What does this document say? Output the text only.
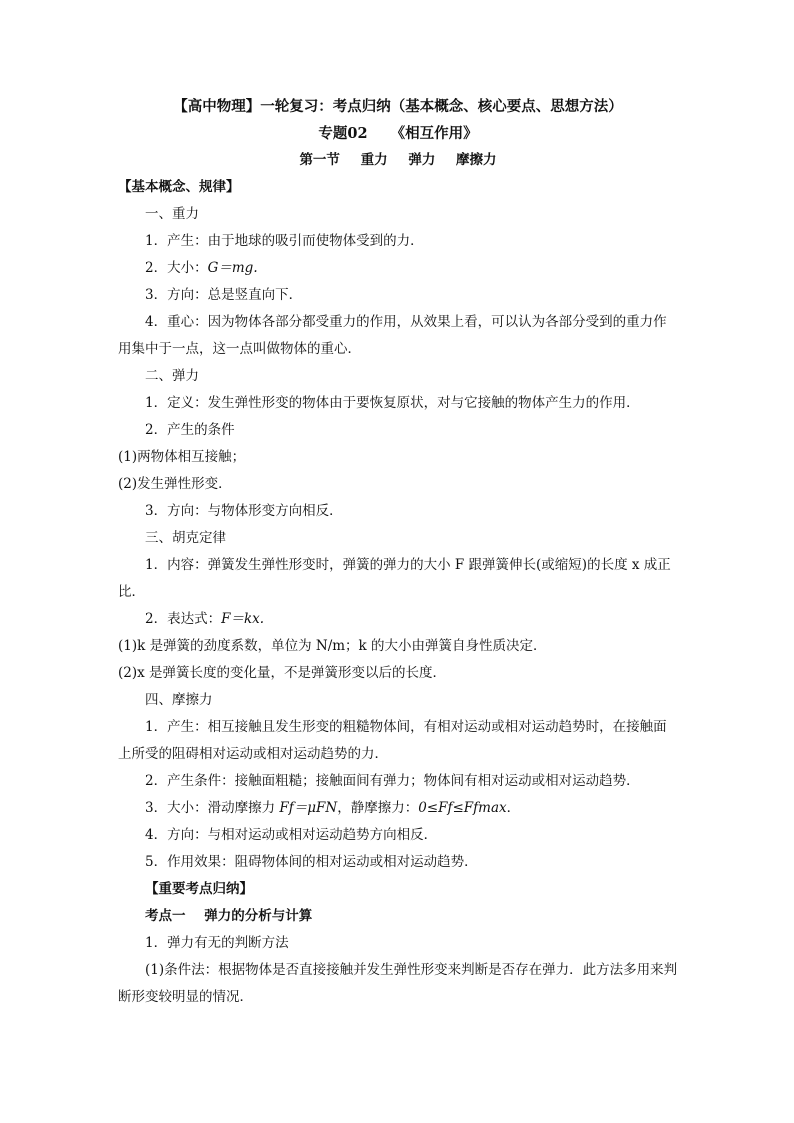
【高中物理】一轮复习：考点归纳（基本概念、核心要点、思想方法）
专题02 《相互作用》
第一节 重力 弹力 摩擦力

【基本概念、规律】

一、重力

1．产生：由于地球的吸引而使物体受到的力．

2．大小：G＝mg.

3．方向：总是竖直向下．

4．重心：因为物体各部分都受重力的作用，从效果上看，可以认为各部分受到的重力作用集中于一点，这一点叫做物体的重心．

二、弹力

1．定义：发生弹性形变的物体由于要恢复原状，对与它接触的物体产生力的作用．

2．产生的条件

(1)两物体相互接触；

(2)发生弹性形变．

3．方向：与物体形变方向相反．

三、胡克定律

1．内容：弹簧发生弹性形变时，弹簧的弹力的大小 F 跟弹簧伸长(或缩短)的长度 x 成正比．

2．表达式：F＝kx.

(1)k 是弹簧的劲度系数，单位为 N/m；k 的大小由弹簧自身性质决定．

(2)x 是弹簧长度的变化量，不是弹簧形变以后的长度．

四、摩擦力

1．产生：相互接触且发生形变的粗糙物体间，有相对运动或相对运动趋势时，在接触面上所受的阻碍相对运动或相对运动趋势的力．

2．产生条件：接触面粗糙；接触面间有弹力；物体间有相对运动或相对运动趋势．

3．大小：滑动摩擦力 Ff＝μFN，静摩擦力：0≤Ff≤Ffmax．

4．方向：与相对运动或相对运动趋势方向相反．

5．作用效果：阻碍物体间的相对运动或相对运动趋势．

【重要考点归纳】

考点一    弹力的分析与计算

1．弹力有无的判断方法

(1)条件法：根据物体是否直接接触并发生弹性形变来判断是否存在弹力．此方法多用来判断形变较明显的情况．
